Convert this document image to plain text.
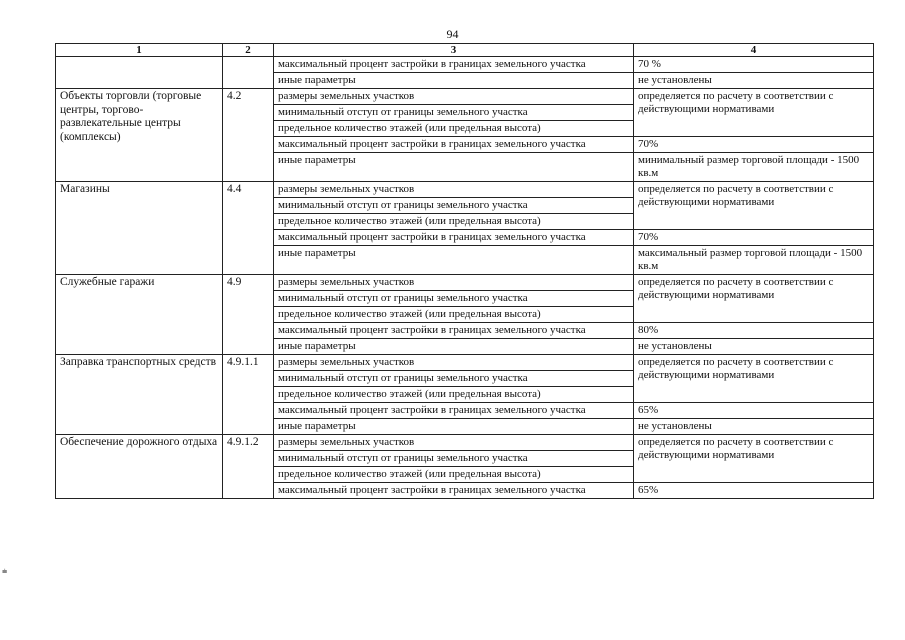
94
1	2	3	4
		максимальный процент застройки в границах земельного участка	70 %
		иные параметры	не установлены
Объекты торговли (торговые центры, торгово-развлекательные центры (комплексы)	4.2	размеры земельных участков	определяется по расчету в соответствии с действующими нормативами
		минимальный отступ от границы земельного участка	
		предельное количество этажей (или предельная высота)	
		максимальный процент застройки в границах земельного участка	70%
		иные параметры	минимальный размер торговой площади - 1500 кв.м
Магазины	4.4	размеры земельных участков	определяется по расчету в соответствии с действующими нормативами
		минимальный отступ от границы земельного участка	
		предельное количество этажей (или предельная высота)	
		максимальный процент застройки в границах земельного участка	70%
		иные параметры	максимальный размер торговой площади - 1500 кв.м
Служебные гаражи	4.9	размеры земельных участков	определяется по расчету в соответствии с действующими нормативами
		минимальный отступ от границы земельного участка	
		предельное количество этажей (или предельная высота)	
		максимальный процент застройки в границах земельного участка	80%
		иные параметры	не установлены
Заправка транспортных средств	4.9.1.1	размеры земельных участков	определяется по расчету в соответствии с действующими нормативами
		минимальный отступ от границы земельного участка	
		предельное количество этажей (или предельная высота)	
		максимальный процент застройки в границах земельного участка	65%
		иные параметры	не установлены
Обеспечение дорожного отдыха	4.9.1.2	размеры земельных участков	определяется по расчету в соответствии с действующими нормативами
		минимальный отступ от границы земельного участка	
		предельное количество этажей (или предельная высота)	
		максимальный процент застройки в границах земельного участка	65%
⩧
